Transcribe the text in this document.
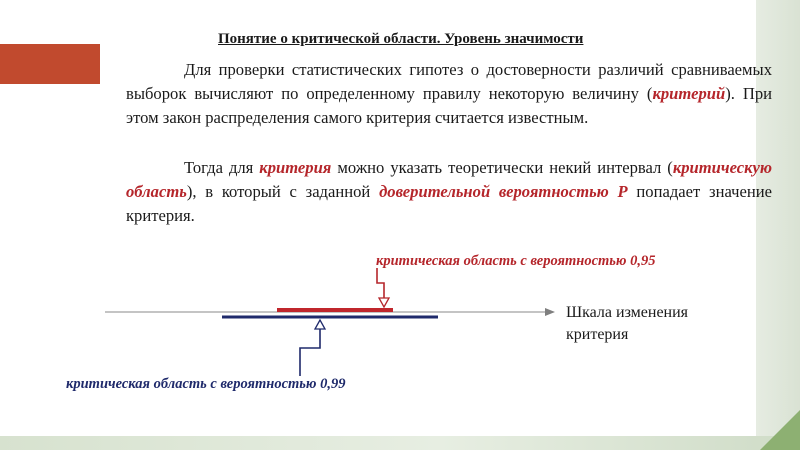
Понятие о критической области. Уровень значимости

Для проверки статистических гипотез о достоверности различий сравниваемых выборок вычисляют по определенному правилу некоторую величину (критерий). При этом закон распределения самого критерия считается известным.

Тогда для критерия можно указать теоретически некий интервал (критическую область), в который с заданной доверительной вероятностью P попадает значение критерия.

критическая область с вероятностью 0,95

критическая область с вероятностью 0,99

Шкала изменения критерия
